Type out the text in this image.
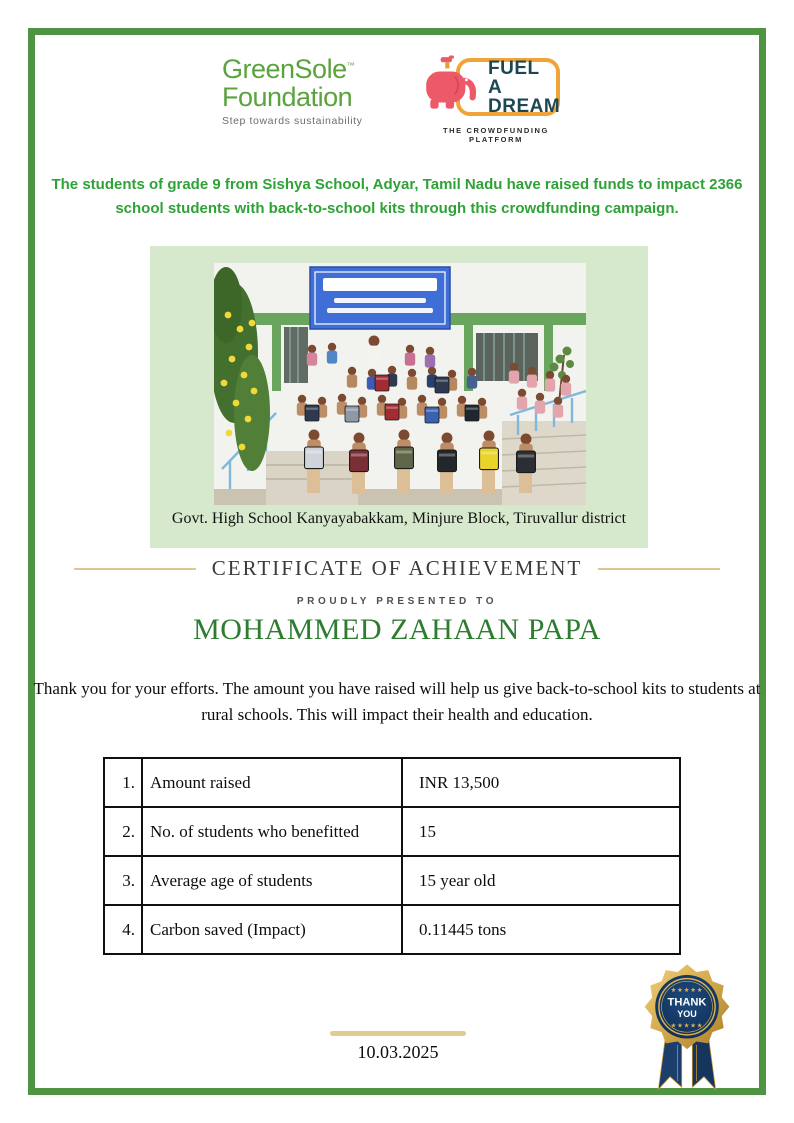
GreenSole™
Foundation
Step towards sustainability
FUEL A
DREAM
THE CROWDFUNDING PLATFORM
The students of grade 9 from Sishya School, Adyar, Tamil Nadu have raised funds to impact 2366 school students with back-to-school kits through this crowdfunding campaign.
Govt. High School Kanyayabakkam, Minjure Block, Tiruvallur district
CERTIFICATE OF ACHIEVEMENT
PROUDLY PRESENTED TO
MOHAMMED ZAHAAN PAPA
Thank you for your efforts. The amount you have raised will help us give back-to-school kits to students at rural schools. This will impact their health and education.
1.	Amount raised	INR 13,500
2.	No. of students who benefitted	15
3.	Average age of students	15 year old
4.	Carbon saved (Impact)	0.11445 tons
10.03.2025
★★★★★
THANK
YOU
★★★★★
